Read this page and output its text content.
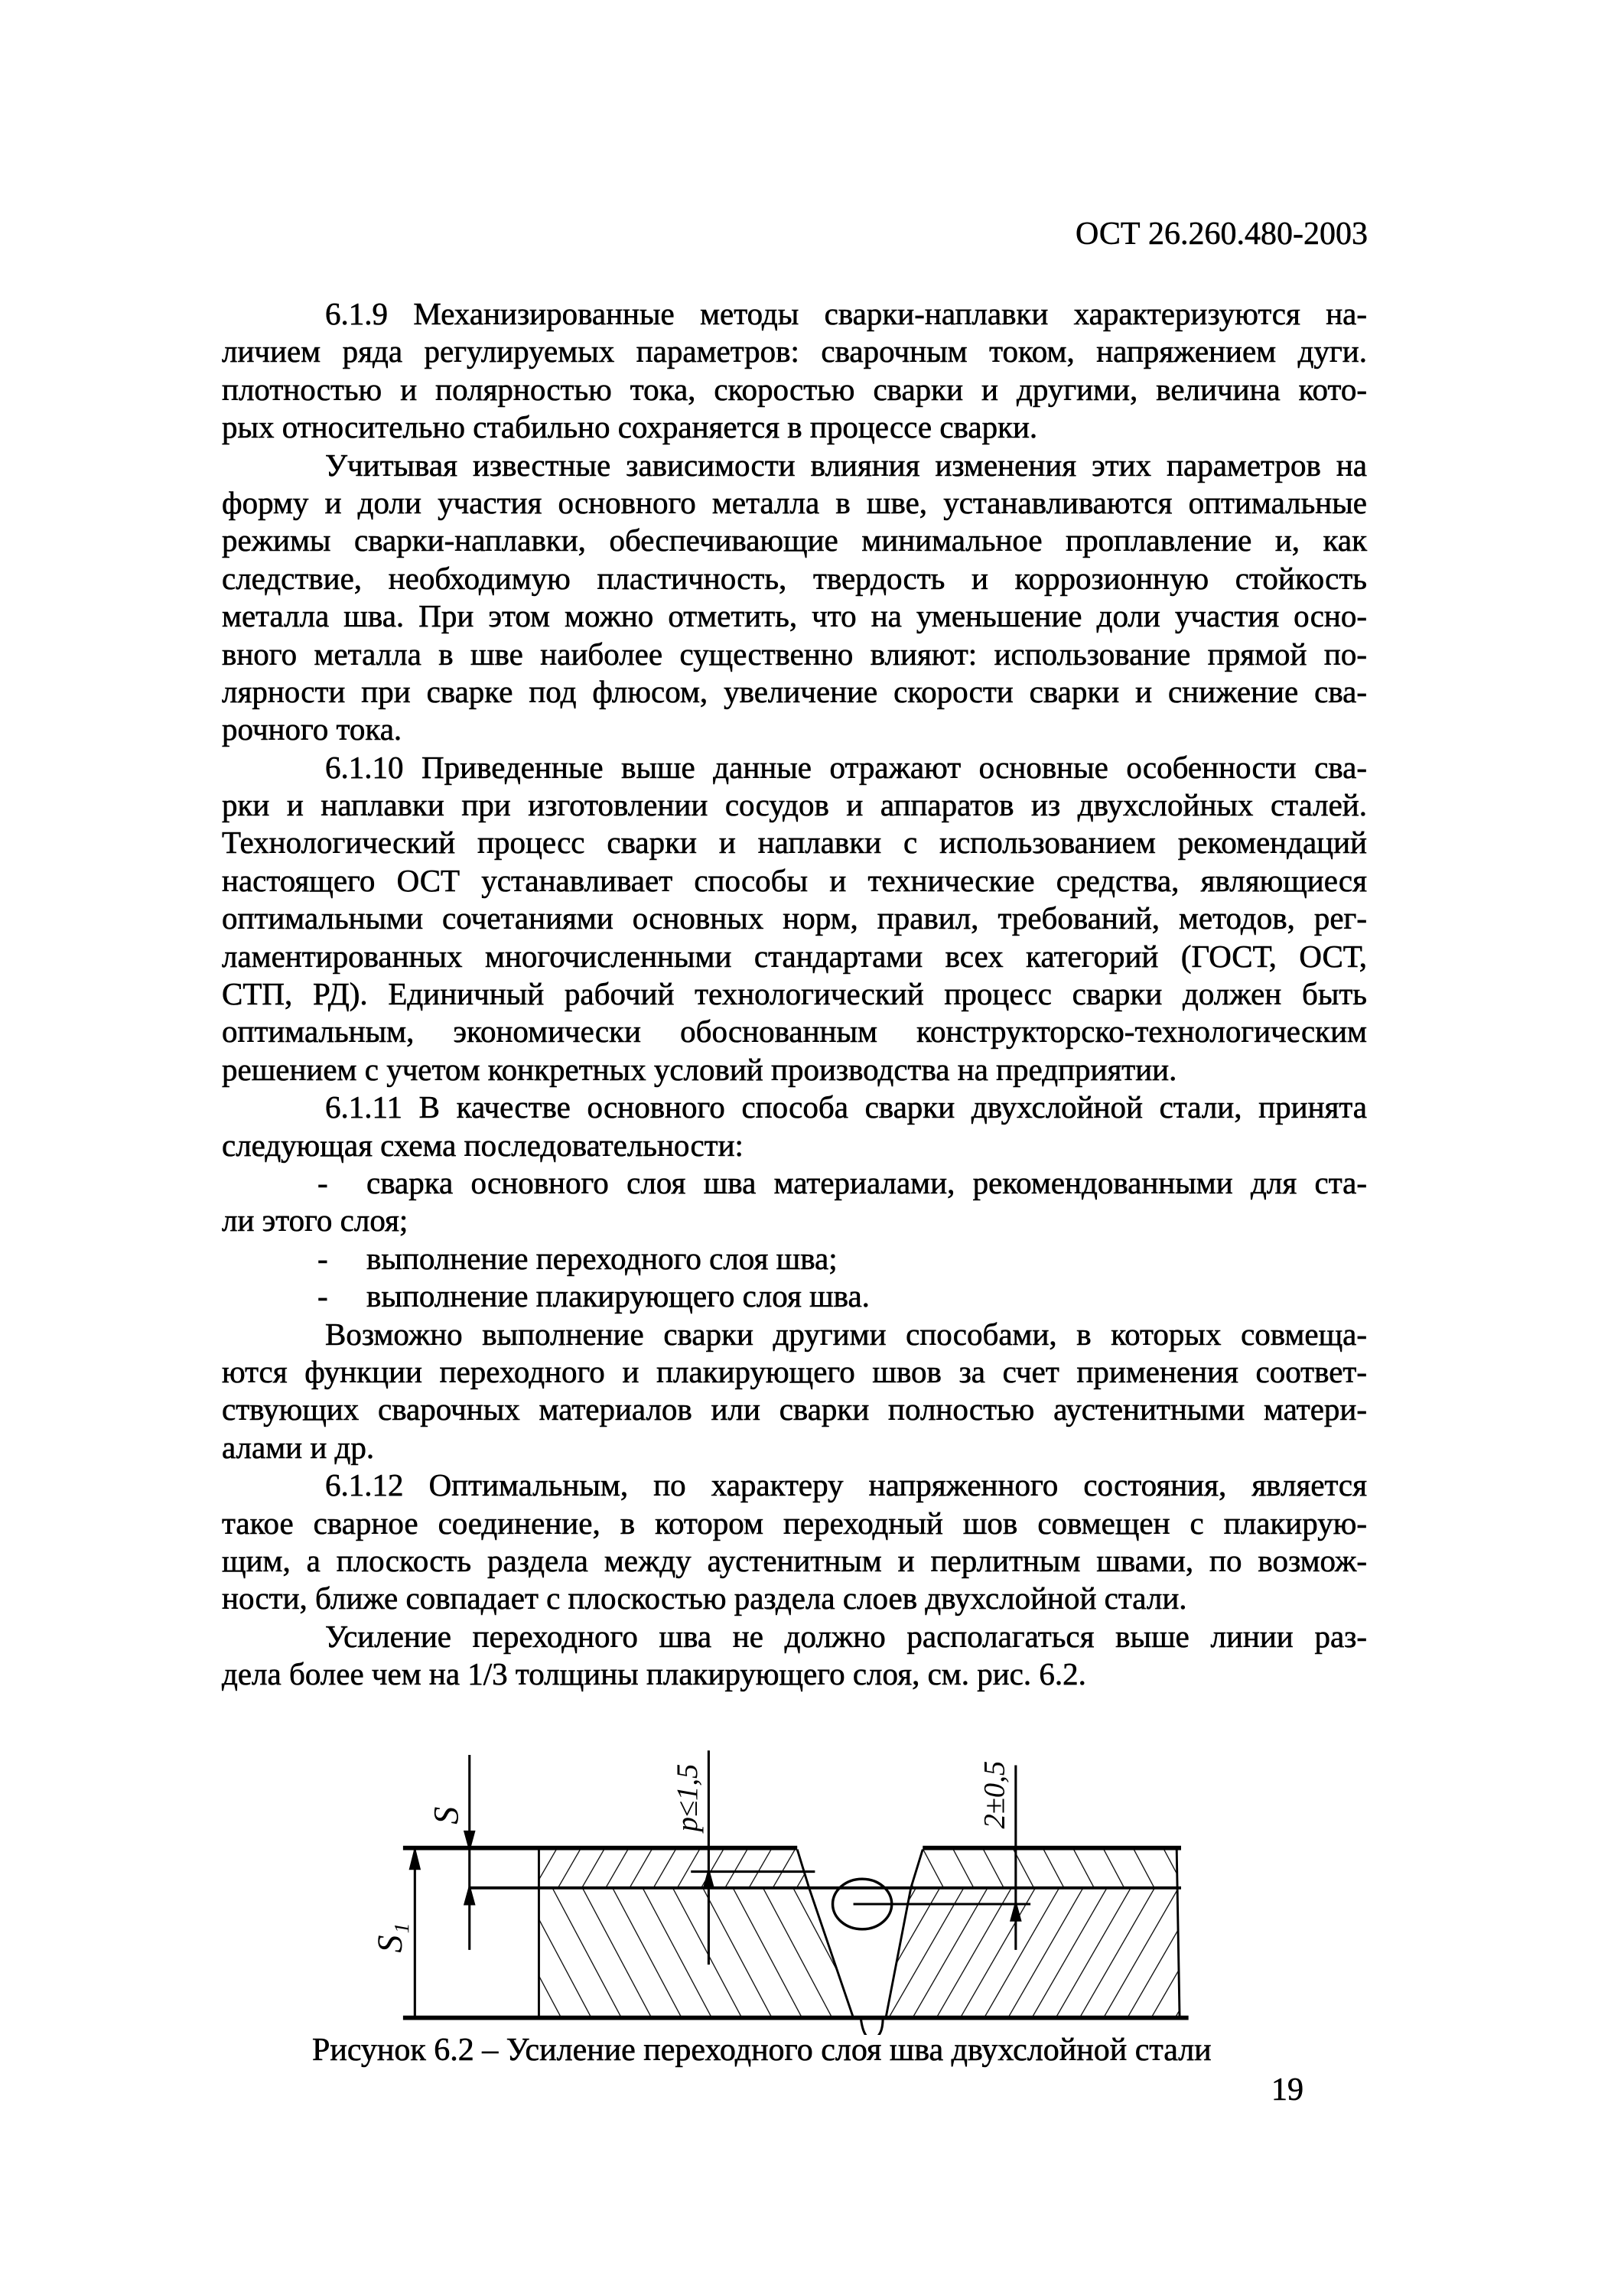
ОСТ 26.260.480-2003
6.1.9 Механизированные методы сварки-наплавки характеризуются на-
личием ряда регулируемых параметров: сварочным током, напряжением дуги.
плотностью и полярностью тока, скоростью сварки и другими, величина кото-
рых относительно стабильно сохраняется в процессе сварки.
Учитывая известные зависимости влияния изменения этих параметров на
форму и доли участия основного металла в шве, устанавливаются оптимальные
режимы сварки-наплавки, обеспечивающие минимальное проплавление и, как
следствие, необходимую пластичность, твердость и коррозионную стойкость
металла шва. При этом можно отметить, что на уменьшение доли участия осно-
вного металла в шве наиболее существенно влияют: использование прямой по-
лярности при сварке под флюсом, увеличение скорости сварки и снижение сва-
рочного тока.
6.1.10 Приведенные выше данные отражают основные особенности сва-
рки и наплавки при изготовлении сосудов и аппаратов из двухслойных сталей.
Технологический процесс сварки и наплавки с использованием рекомендаций
настоящего ОСТ устанавливает способы и технические средства, являющиеся
оптимальными сочетаниями основных норм, правил, требований, методов, рег-
ламентированных многочисленными стандартами всех категорий (ГОСТ, ОСТ,
СТП, РД). Единичный рабочий технологический процесс сварки должен быть
оптимальным, экономически обоснованным конструкторско-технологическим
решением с учетом конкретных условий производства на предприятии.
6.1.11 В качестве основного способа сварки двухслойной стали, принята
следующая схема последовательности:
-	сварка основного слоя шва материалами, рекомендованными для ста-
ли этого слоя;
-	выполнение переходного слоя шва;
-	выполнение плакирующего слоя шва.
Возможно выполнение сварки другими способами, в которых совмеща-
ются функции переходного и плакирующего швов за счет применения соответ-
ствующих сварочных материалов или сварки полностью аустенитными матери-
алами и др.
6.1.12 Оптимальным, по характеру напряженного состояния, является
такое сварное соединение, в котором переходный шов совмещен с плакирую-
щим, а плоскость раздела между аустенитным и перлитным швами, по возмож-
ности, ближе совпадает с плоскостью раздела слоев двухслойной стали.
Усиление переходного шва не должно располагаться выше линии раз-
дела более чем на 1/3 толщины плакирующего слоя, см. рис. 6.2.
S
S₁
p≤1,5	2±0,5
Рисунок 6.2 – Усиление переходного слоя шва двухслойной стали
19
